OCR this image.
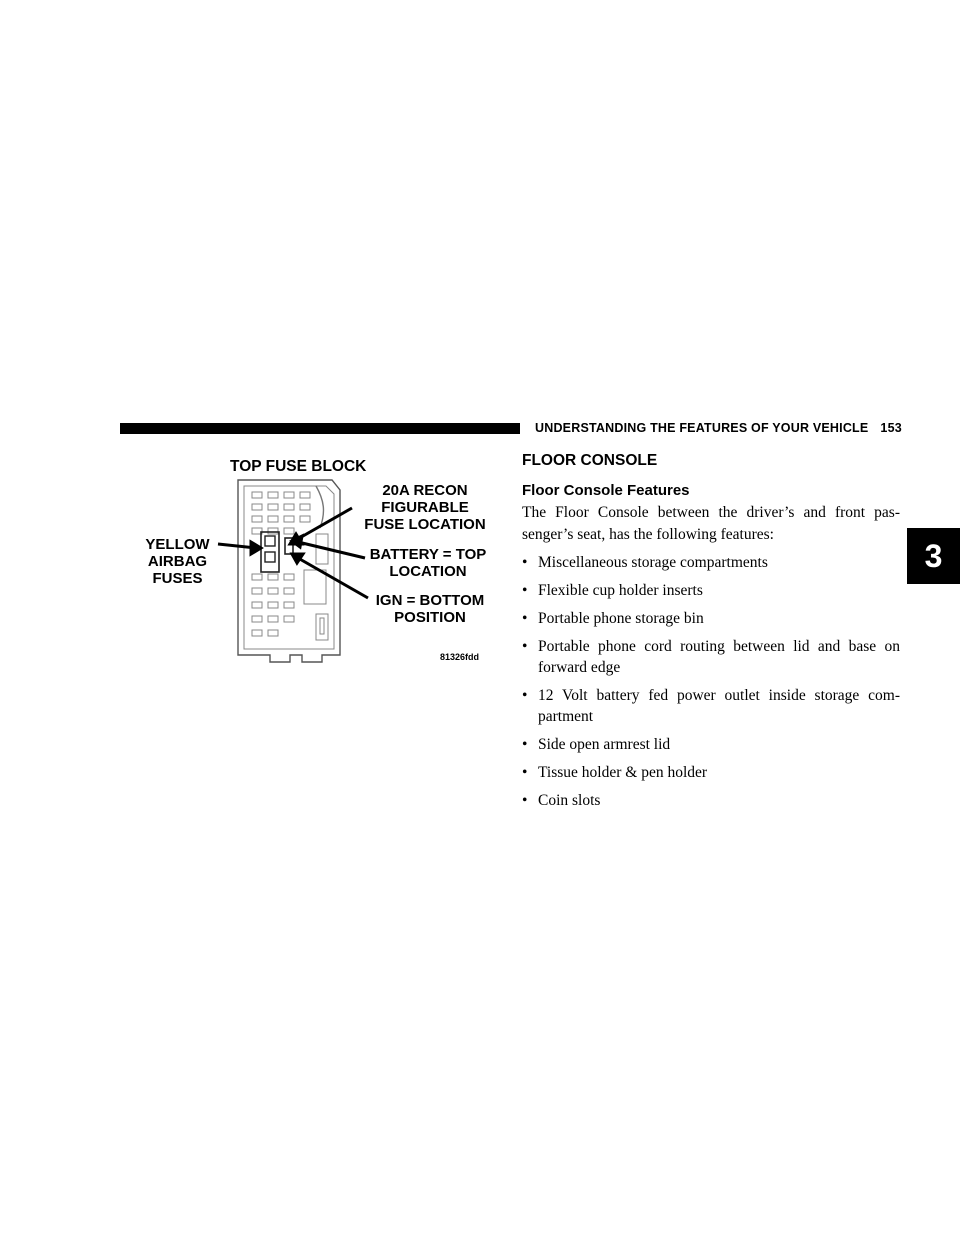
UNDERSTANDING THE FEATURES OF YOUR VEHICLE 153
3
TOP FUSE BLOCK
20A RECON
FIGURABLE
FUSE LOCATION
YELLOW
AIRBAG
FUSES
BATTERY = TOP
LOCATION
IGN = BOTTOM
POSITION
81326fdd
FLOOR CONSOLE
Floor Console Features

The Floor Console between the driver’s and front pas-senger’s seat, has the following features:

• Miscellaneous storage compartments
• Flexible cup holder inserts
• Portable phone storage bin
• Portable phone cord routing between lid and base on forward edge
• 12 Volt battery fed power outlet inside storage com-partment
• Side open armrest lid
• Tissue holder & pen holder
• Coin slots
